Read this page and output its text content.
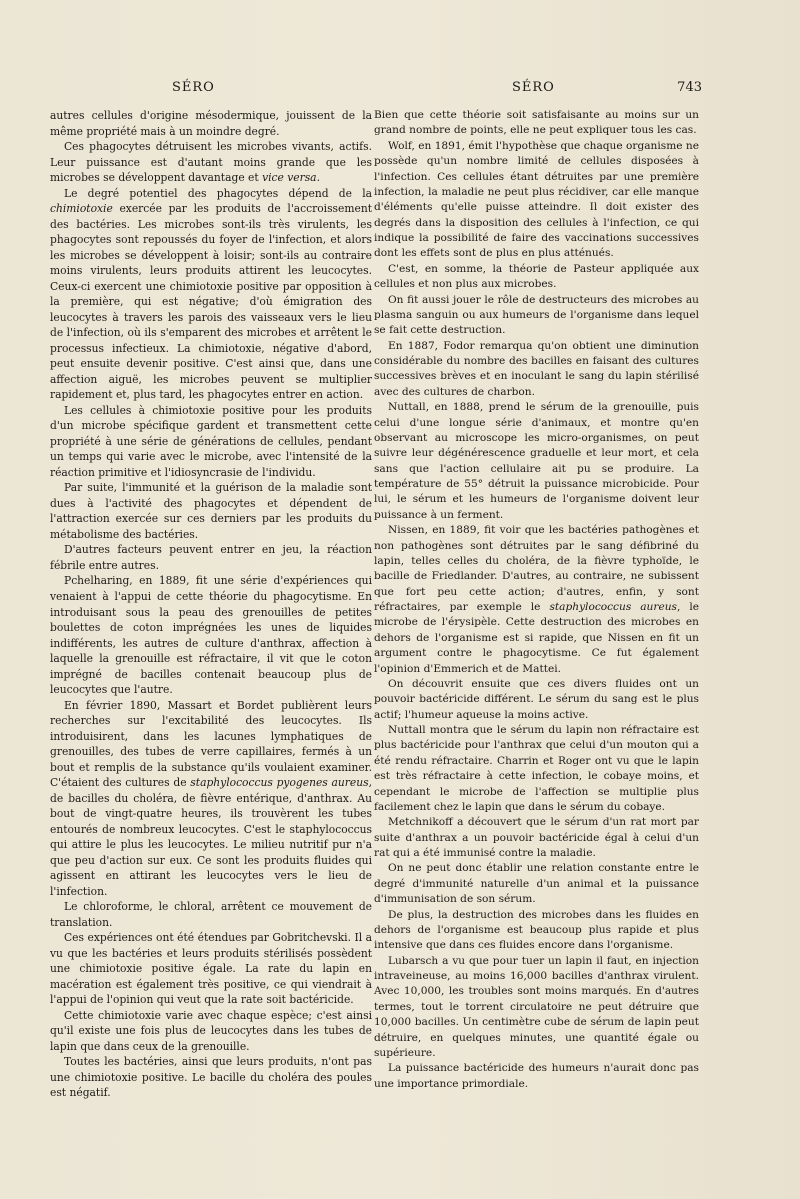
SÉRO	SÉRO	743

autres cellules d'origine mésodermique, jouissent de la même propriété mais à un moindre degré.

Ces phagocytes détruisent les microbes vivants, actifs. Leur puissance est d'autant moins grande que les microbes se développent davantage et vice versa.

Le degré potentiel des phagocytes dépend de la chimiotoxie exercée par les produits de l'accroissement des bactéries. Les microbes sont-ils très virulents, les phagocytes sont repoussés du foyer de l'infection, et alors les microbes se développent à loisir; sont-ils au contraire moins virulents, leurs produits attirent les leucocytes. Ceux-ci exercent une chimiotoxie positive par opposition à la première, qui est négative; d'où émigration des leucocytes à travers les parois des vaisseaux vers le lieu de l'infection, où ils s'emparent des microbes et arrêtent le processus infectieux. La chimiotoxie, négative d'abord, peut ensuite devenir positive. C'est ainsi que, dans une affection aiguë, les microbes peuvent se multiplier rapidement et, plus tard, les phagocytes entrer en action.

Les cellules à chimiotoxie positive pour les produits d'un microbe spécifique gardent et transmettent cette propriété à une série de générations de cellules, pendant un temps qui varie avec le microbe, avec l'intensité de la réaction primitive et l'idiosyncrasie de l'individu.

Par suite, l'immunité et la guérison de la maladie sont dues à l'activité des phagocytes et dépendent de l'attraction exercée sur ces derniers par les produits du métabolisme des bactéries.

D'autres facteurs peuvent entrer en jeu, la réaction fébrile entre autres.

Pchelharing, en 1889, fit une série d'expériences qui venaient à l'appui de cette théorie du phagocytisme. En introduisant sous la peau des grenouilles de petites boulettes de coton imprégnées les unes de liquides indifférents, les autres de culture d'anthrax, affection à laquelle la grenouille est réfractaire, il vit que le coton imprégné de bacilles contenait beaucoup plus de leucocytes que l'autre.

En février 1890, Massart et Bordet publièrent leurs recherches sur l'excitabilité des leucocytes. Ils introduisirent, dans les lacunes lymphatiques de grenouilles, des tubes de verre capillaires, fermés à un bout et remplis de la substance qu'ils voulaient examiner. C'étaient des cultures de staphylococcus pyogenes aureus, de bacilles du choléra, de fièvre entérique, d'anthrax. Au bout de vingt-quatre heures, ils trouvèrent les tubes entourés de nombreux leucocytes. C'est le staphylococcus qui attire le plus les leucocytes. Le milieu nutritif pur n'a que peu d'action sur eux. Ce sont les produits fluides qui agissent en attirant les leucocytes vers le lieu de l'infection.

Le chloroforme, le chloral, arrêtent ce mouvement de translation.

Ces expériences ont été étendues par Gobritchevski. Il a vu que les bactéries et leurs produits stérilisés possèdent une chimiotoxie positive égale. La rate du lapin en macération est également très positive, ce qui viendrait à l'appui de l'opinion qui veut que la rate soit bactéricide.

Cette chimiotoxie varie avec chaque espèce; c'est ainsi qu'il existe une fois plus de leucocytes dans les tubes de lapin que dans ceux de la grenouille.

Toutes les bactéries, ainsi que leurs produits, n'ont pas une chimiotoxie positive. Le bacille du choléra des poules est négatif.

Bien que cette théorie soit satisfaisante au moins sur un grand nombre de points, elle ne peut expliquer tous les cas.

Wolf, en 1891, émit l'hypothèse que chaque organisme ne possède qu'un nombre limité de cellules disposées à l'infection. Ces cellules étant détruites par une première infection, la maladie ne peut plus récidiver, car elle manque d'éléments qu'elle puisse atteindre. Il doit exister des degrés dans la disposition des cellules à l'infection, ce qui indique la possibilité de faire des vaccinations successives dont les effets sont de plus en plus atténués.

C'est, en somme, la théorie de Pasteur appliquée aux cellules et non plus aux microbes.

On fit aussi jouer le rôle de destructeurs des microbes au plasma sanguin ou aux humeurs de l'organisme dans lequel se fait cette destruction.

En 1887, Fodor remarqua qu'on obtient une diminution considérable du nombre des bacilles en faisant des cultures successives brèves et en inoculant le sang du lapin stérilisé avec des cultures de charbon.

Nuttall, en 1888, prend le sérum de la grenouille, puis celui d'une longue série d'animaux, et montre qu'en observant au microscope les micro-organismes, on peut suivre leur dégénérescence graduelle et leur mort, et cela sans que l'action cellulaire ait pu se produire. La température de 55° détruit la puissance microbicide. Pour lui, le sérum et les humeurs de l'organisme doivent leur puissance à un ferment.

Nissen, en 1889, fit voir que les bactéries pathogènes et non pathogènes sont détruites par le sang défibriné du lapin, telles celles du choléra, de la fièvre typhoïde, le bacille de Friedlander. D'autres, au contraire, ne subissent que fort peu cette action; d'autres, enfin, y sont réfractaires, par exemple le staphylococcus aureus, le microbe de l'érysipèle. Cette destruction des microbes en dehors de l'organisme est si rapide, que Nissen en fit un argument contre le phagocytisme. Ce fut également l'opinion d'Emmerich et de Mattei.

On découvrit ensuite que ces divers fluides ont un pouvoir bactéricide différent. Le sérum du sang est le plus actif; l'humeur aqueuse la moins active.

Nuttall montra que le sérum du lapin non réfractaire est plus bactéricide pour l'anthrax que celui d'un mouton qui a été rendu réfractaire. Charrin et Roger ont vu que le lapin est très réfractaire à cette infection, le cobaye moins, et cependant le microbe de l'affection se multiplie plus facilement chez le lapin que dans le sérum du cobaye.

Metchnikoff a découvert que le sérum d'un rat mort par suite d'anthrax a un pouvoir bactéricide égal à celui d'un rat qui a été immunisé contre la maladie.

On ne peut donc établir une relation constante entre le degré d'immunité naturelle d'un animal et la puissance d'immunisation de son sérum.

De plus, la destruction des microbes dans les fluides en dehors de l'organisme est beaucoup plus rapide et plus intensive que dans ces fluides encore dans l'organisme.

Lubarsch a vu que pour tuer un lapin il faut, en injection intraveineuse, au moins 16,000 bacilles d'anthrax virulent. Avec 10,000, les troubles sont moins marqués. En d'autres termes, tout le torrent circulatoire ne peut détruire que 10,000 bacilles. Un centimètre cube de sérum de lapin peut détruire, en quelques minutes, une quantité égale ou supérieure.

La puissance bactéricide des humeurs n'aurait donc pas une importance primordiale.
